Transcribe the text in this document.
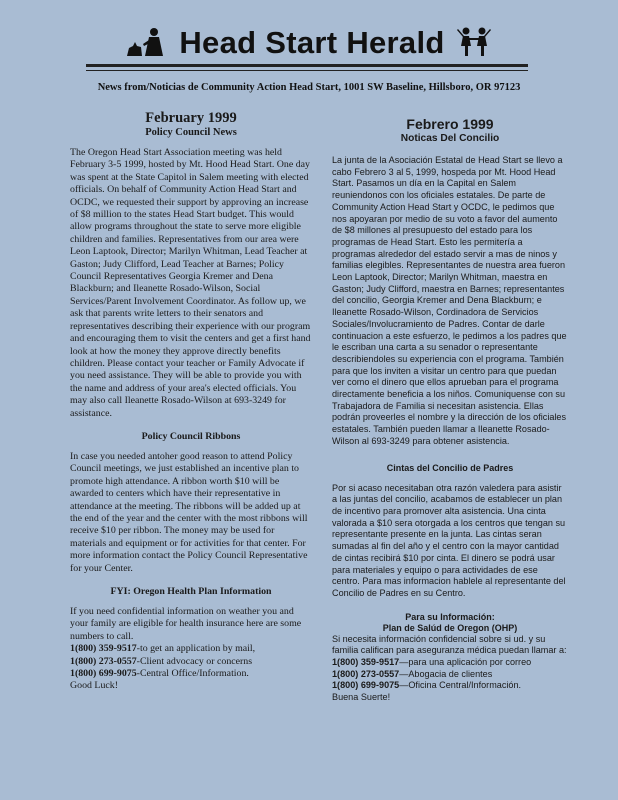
Head Start Herald
News from/Noticias de Community Action Head Start, 1001 SW Baseline, Hillsboro, OR 97123
February 1999
Policy Council News

The Oregon Head Start Association meeting was held February 3-5 1999, hosted by Mt. Hood Head Start. One day was spent at the State Capitol in Salem meeting with elected officials. On behalf of Community Action Head Start and OCDC, we requested their support by approving an increase of $8 million to the states Head Start budget. This would allow programs throughout the state to serve more eligible children and families. Representatives from our area were Leon Laptook, Director; Marilyn Whitman, Lead Teacher at Gaston; Judy Clifford, Lead Teacher at Barnes; Policy Council Representatives Georgia Kremer and Dena Blackburn; and Ileanette Rosado-Wilson, Social Services/Parent Involvement Coordinator. As follow up, we ask that parents write letters to their senators and representatives describing their experience with our program and encouraging them to visit the centers and get a first hand look at how the money they approve directly benefits children. Please contact your teacher or Family Advocate if you need assistance. They will be able to provide you with the name and address of your area's elected officials. You may also call Ileanette Rosado-Wilson at 693-3249 for assistance.

Policy Council Ribbons

In case you needed antoher good reason to attend Policy Council meetings, we just established an incentive plan to promote high attendance. A ribbon worth $10 will be awarded to centers which have their representative in attendance at the meeting. The ribbons will be added up at the end of the year and the center with the most ribbons will receive $10 per ribbon. The money may be used for materials and equipment or for activities for that center. For more information contact the Policy Council Representative for your Center.

FYI: Oregon Health Plan Information

If you need confidential information on weather you and your family are eligible for health insurance here are some numbers to call.

1(800) 359-9517-to get an application by mail,
1(800) 273-0557-Client advocacy or concerns
1(800) 699-9075-Central Office/Information.

Good Luck!

Febrero 1999
Noticas Del Concilio

La junta de la Asociación Estatal de Head Start se llevo a cabo Febrero 3 al 5, 1999, hospeda por Mt. Hood Head Start. Pasamos un día en la Capital en Salem reuniendonos con los oficiales estatales. De parte de Community Action Head Start y OCDC, le pedimos que nos apoyaran por medio de su voto a favor del aumento de $8 millones al presupuesto del estado para los programas de Head Start. Esto les permitería a programas alrededor del estado servir a mas de ninos y familias elegibles. Representantes de nuestra area fueron Leon Laptook, Director; Marilyn Whitman, maestra en Gaston; Judy Clifford, maestra en Barnes; representantes del concilio, Georgia Kremer and Dena Blackburn; e Ileanette Rosado-Wilson, Cordinadora de Servicios Sociales/Involucramiento de Padres. Contar de darle continuacion a este esfuerzo, le pedimos a los padres que le escriban una carta a su senador o representante describiendoles su experiencia con el programa. También para que los inviten a visitar un centro para que puedan ver como el dinero que ellos aprueban para el programa directamente beneficia a los niños. Comuniquense con su Trabajadora de Familia si necesitan asistencia. Ellas podrán proveerles el nombre y la dirección de los oficiales estatales. También pueden llamar a Ileanette Rosado-Wilson al 693-3249 para obtener asistencia.

Cintas del Concilio de Padres

Por si acaso necesitaban otra razón valedera para asistir a las juntas del concilio, acabamos de establecer un plan de incentivo para promover alta asistencia. Una cinta valorada a $10 sera otorgada a los centros que tengan su representante presente en la junta. Las cintas seran sumadas al fin del año y el centro con la mayor cantidad de cintas recibirá $10 por cinta. El dinero se podrá usar para materiales y equipo o para actividades de ese centro. Para mas informacion hablele al representante del Concilio de Padres en su Centro.

Para su Información:
Plan de Salúd de Oregon (OHP)

Si necesita información confidencial sobre si ud. y su familia califican para aseguranza médica puedan llamar a:

1(800) 359-9517—para una aplicación por correo
1(800) 273-0557—Abogacia de clientes
1(800) 699-9075—Oficina Central/Información.

Buena Suerte!
